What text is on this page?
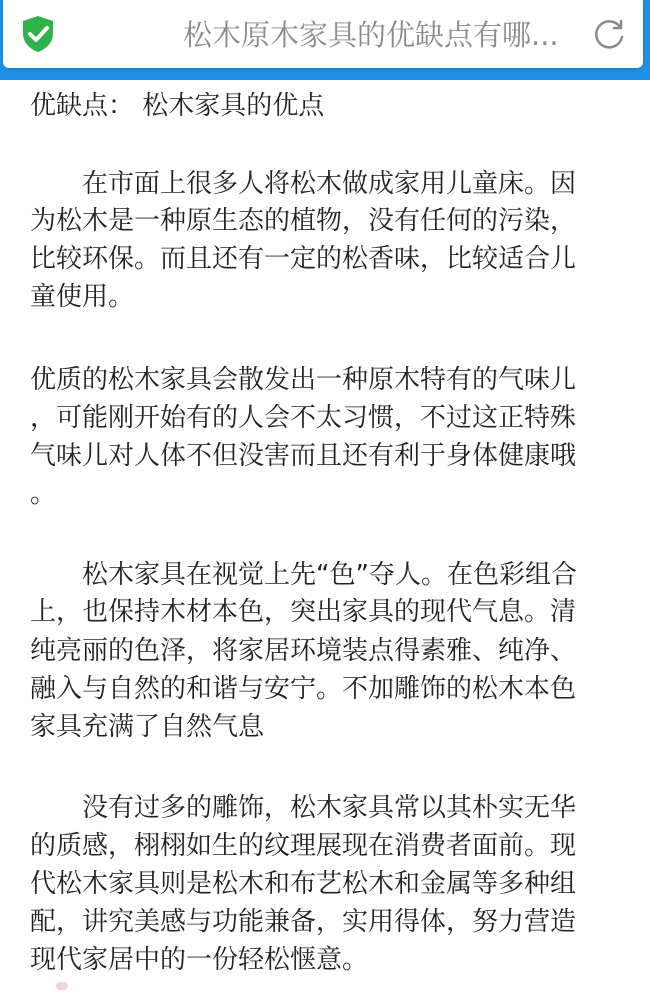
松木原木家具的优缺点有哪...
优缺点： 松木家具的优点
　　在市面上很多人将松木做成家用儿童床。因
为松木是一种原生态的植物，没有任何的污染，
比较环保。而且还有一定的松香味，比较适合儿
童使用。
优质的松木家具会散发出一种原木特有的气味儿
，可能刚开始有的人会不太习惯，不过这正特殊
气味儿对人体不但没害而且还有利于身体健康哦
。
　　松木家具在视觉上先“色”夺人。在色彩组合
上，也保持木材本色，突出家具的现代气息。清
纯亮丽的色泽，将家居环境装点得素雅、纯净、
融入与自然的和谐与安宁。不加雕饰的松木本色
家具充满了自然气息
　　没有过多的雕饰，松木家具常以其朴实无华
的质感，栩栩如生的纹理展现在消费者面前。现
代松木家具则是松木和布艺松木和金属等多种组
配，讲究美感与功能兼备，实用得体，努力营造
现代家居中的一份轻松惬意。
